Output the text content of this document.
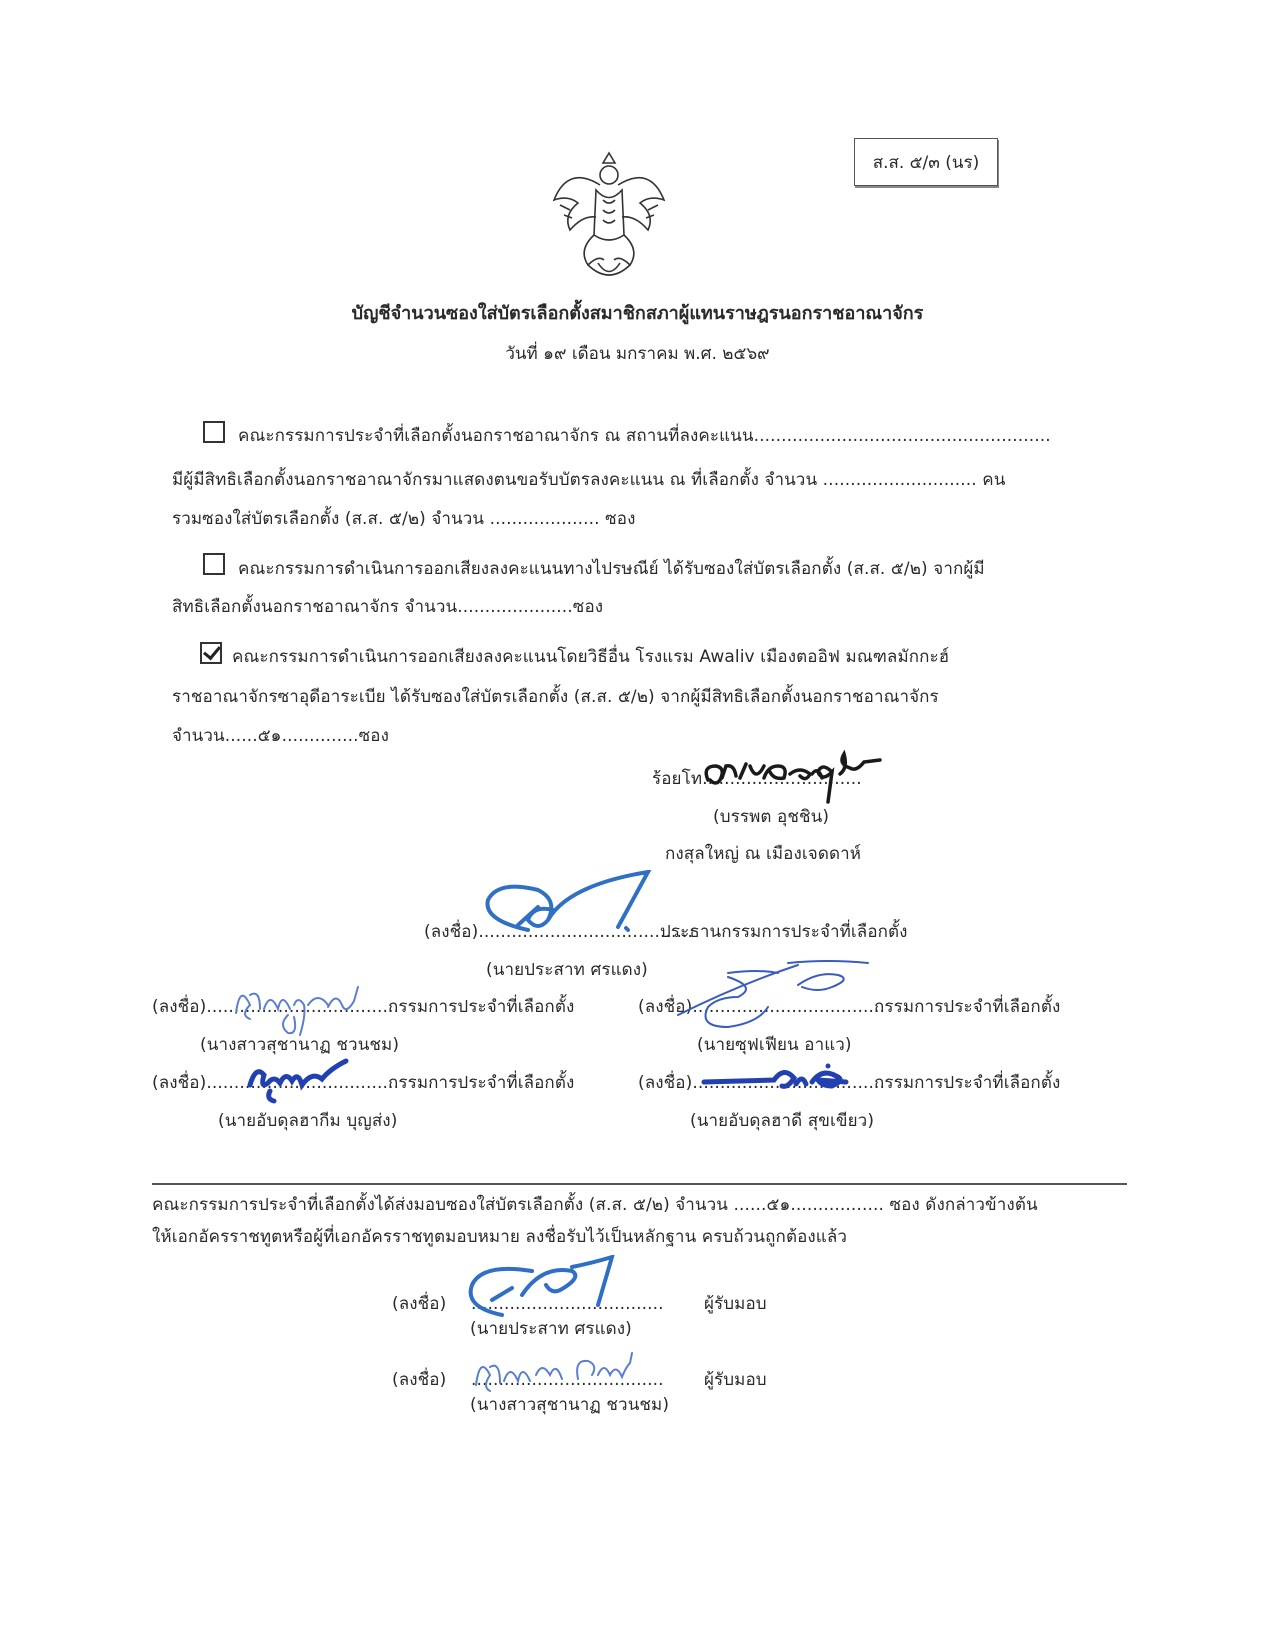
ส.ส. ๕/๓ (นร)
บัญชีจำนวนซองใส่บัตรเลือกตั้งสมาชิกสภาผู้แทนราษฎรนอกราชอาณาจักร
วันที่ ๑๙ เดือน มกราคม พ.ศ. ๒๕๖๙
คณะกรรมการประจำที่เลือกตั้งนอกราชอาณาจักร ณ สถานที่ลงคะแนน......................................................
มีผู้มีสิทธิเลือกตั้งนอกราชอาณาจักรมาแสดงตนขอรับบัตรลงคะแนน ณ ที่เลือกตั้ง จำนวน ............................ คน
รวมซองใส่บัตรเลือกตั้ง (ส.ส. ๕/๒) จำนวน .................... ซอง
คณะกรรมการดำเนินการออกเสียงลงคะแนนทางไปรษณีย์ ได้รับซองใส่บัตรเลือกตั้ง (ส.ส. ๕/๒) จากผู้มี
สิทธิเลือกตั้งนอกราชอาณาจักร จำนวน.....................ซอง
คณะกรรมการดำเนินการออกเสียงลงคะแนนโดยวิธีอื่น โรงแรม Awaliv เมืองตออิฟ มณฑลมักกะฮ์
ราชอาณาจักรซาอุดีอาระเบีย ได้รับซองใส่บัตรเลือกตั้ง (ส.ส. ๕/๒) จากผู้มีสิทธิเลือกตั้งนอกราชอาณาจักร
จำนวน......๕๑..............ซอง
ร้อยโท.............................
(บรรพต อุชชิน)
กงสุลใหญ่ ณ เมืองเจดดาห์
(ลงชื่อ).......................................
ประธานกรรมการประจำที่เลือกตั้ง
(นายประสาท ศรแดง)
(ลงชื่อ)...................................
กรรมการประจำที่เลือกตั้ง
(นางสาวสุชานาฏ ชวนชม)
(ลงชื่อ)...................................
กรรมการประจำที่เลือกตั้ง
(นายซุฟเฟียน อาแว)
(ลงชื่อ)...................................
กรรมการประจำที่เลือกตั้ง
(นายอับดุลฮากีม บุญส่ง)
(ลงชื่อ)...................................
กรรมการประจำที่เลือกตั้ง
(นายอับดุลฮาดี สุขเขียว)
คณะกรรมการประจำที่เลือกตั้งได้ส่งมอบซองใส่บัตรเลือกตั้ง (ส.ส. ๕/๒) จำนวน ......๕๑................. ซอง ดังกล่าวข้างต้น
ให้เอกอัครราชทูตหรือผู้ที่เอกอัครราชทูตมอบหมาย ลงชื่อรับไว้เป็นหลักฐาน ครบถ้วนถูกต้องแล้ว
(ลงชื่อ) ................................... ผู้รับมอบ
(นายประสาท ศรแดง)
(ลงชื่อ) ................................... ผู้รับมอบ
(นางสาวสุชานาฏ ชวนชม)
